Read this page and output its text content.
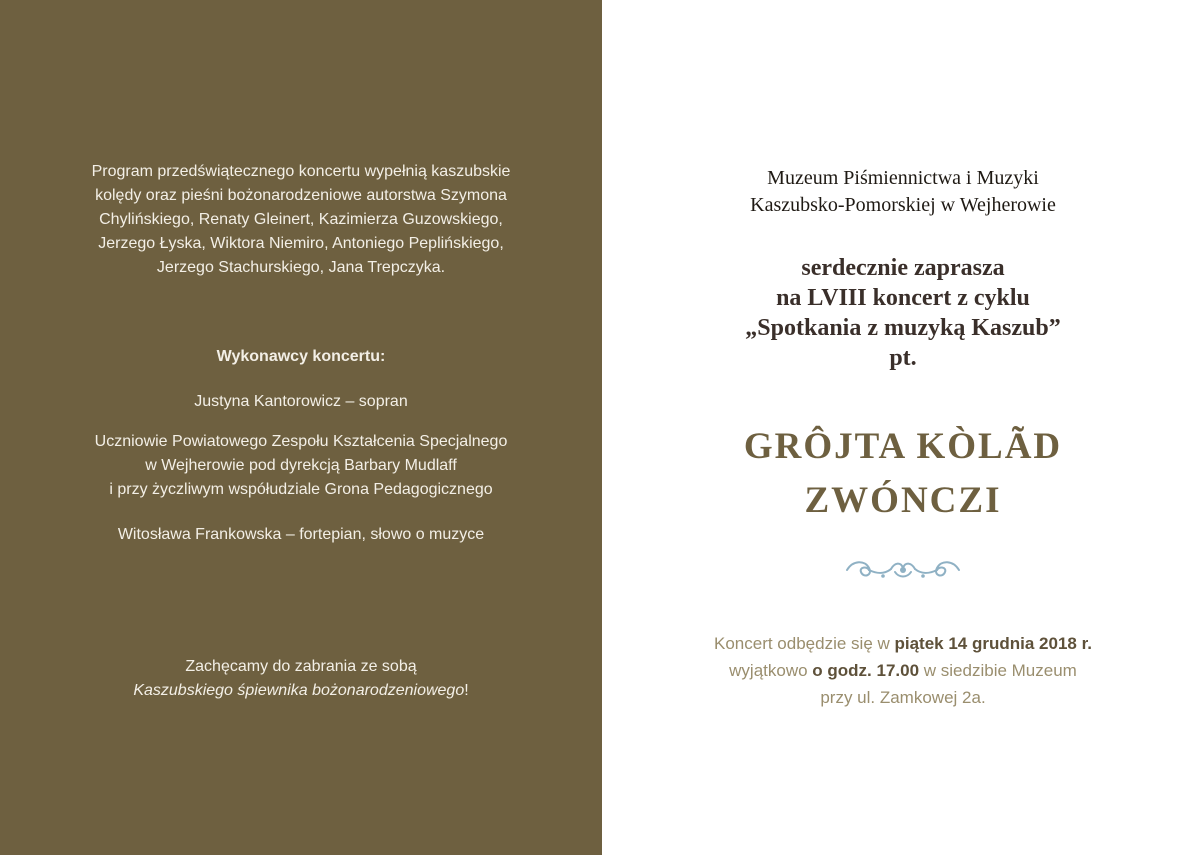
Program przedświątecznego koncertu wypełnią kaszubskie
kolędy oraz pieśni bożonarodzeniowe autorstwa Szymona
Chylińskiego, Renaty Gleinert, Kazimierza Guzowskiego,
Jerzego Łyska, Wiktora Niemiro, Antoniego Peplińskiego,
Jerzego Stachurskiego, Jana Trepczyka.
Wykonawcy koncertu:
Justyna Kantorowicz – sopran
Uczniowie Powiatowego Zespołu Kształcenia Specjalnego
w Wejherowie pod dyrekcją Barbary Mudlaff
i przy życzliwym współudziale Grona Pedagogicznego
Witosława Frankowska – fortepian, słowo o muzyce
Zachęcamy do zabrania ze sobą
Kaszubskiego śpiewnika bożonarodzeniowego!
Muzeum Piśmiennictwa i Muzyki
Kaszubsko-Pomorskiej w Wejherowie
serdecznie zaprasza
na LVIII koncert z cyklu
„Spotkania z muzyką Kaszub”
pt.
GRÔJTA KÒLÃD
ZWÓNCZI
Koncert odbędzie się w piątek 14 grudnia 2018 r.
wyjątkowo o godz. 17.00 w siedzibie Muzeum
przy ul. Zamkowej 2a.
